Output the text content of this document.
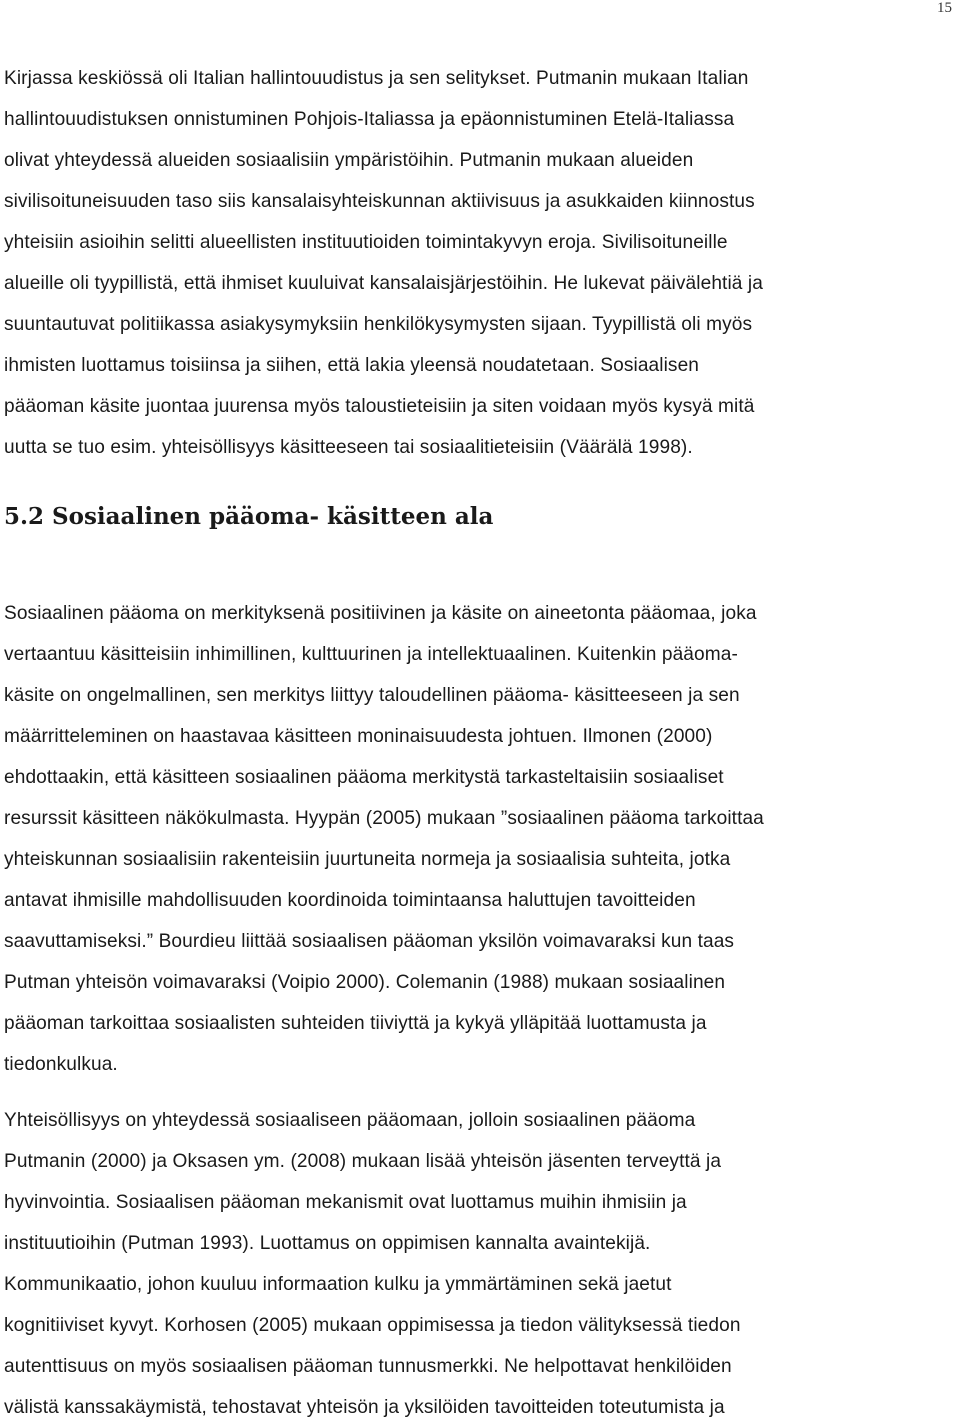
15

Kirjassa keskiössä oli Italian hallintouudistus ja sen selitykset. Putmanin mukaan Italian
hallintouudistuksen onnistuminen Pohjois-Italiassa ja epäonnistuminen Etelä-Italiassa
olivat yhteydessä alueiden sosiaalisiin ympäristöihin. Putmanin mukaan alueiden
sivilisoituneisuuden taso siis kansalaisyhteiskunnan aktiivisuus ja asukkaiden kiinnostus
yhteisiin asioihin selitti alueellisten instituutioiden toimintakyvyn eroja. Sivilisoituneille
alueille oli tyypillistä, että ihmiset kuuluivat kansalaisjärjestöihin. He lukevat päivälehtiä ja
suuntautuvat politiikassa asiakysymyksiin henkilökysymysten sijaan. Tyypillistä oli myös
ihmisten luottamus toisiinsa ja siihen, että lakia yleensä noudatetaan. Sosiaalisen
pääoman käsite juontaa juurensa myös taloustieteisiin ja siten voidaan myös kysyä mitä
uutta se tuo esim. yhteisöllisyys käsitteeseen tai sosiaalitieteisiin (Väärälä 1998).

5.2 Sosiaalinen pääoma- käsitteen ala

Sosiaalinen pääoma on merkityksenä positiivinen ja käsite on aineetonta pääomaa, joka
vertaantuu käsitteisiin inhimillinen, kulttuurinen ja intellektuaalinen. Kuitenkin pääoma-
käsite on ongelmallinen, sen merkitys liittyy taloudellinen pääoma- käsitteeseen ja sen
määrritteleminen on haastavaa käsitteen moninaisuudesta johtuen. Ilmonen (2000)
ehdottaakin, että käsitteen sosiaalinen pääoma merkitystä tarkasteltaisiin sosiaaliset
resurssit käsitteen näkökulmasta. Hyypän (2005) mukaan ”sosiaalinen pääoma tarkoittaa
yhteiskunnan sosiaalisiin rakenteisiin juurtuneita normeja ja sosiaalisia suhteita, jotka
antavat ihmisille mahdollisuuden koordinoida toimintaansa haluttujen tavoitteiden
saavuttamiseksi.” Bourdieu liittää sosiaalisen pääoman yksilön voimavaraksi kun taas
Putman yhteisön voimavaraksi (Voipio 2000). Colemanin (1988) mukaan sosiaalinen
pääoman tarkoittaa sosiaalisten suhteiden tiiviyttä ja kykyä ylläpitää luottamusta ja
tiedonkulkua.

Yhteisöllisyys on yhteydessä sosiaaliseen pääomaan, jolloin sosiaalinen pääoma
Putmanin (2000) ja Oksasen ym. (2008) mukaan lisää yhteisön jäsenten terveyttä ja
hyvinvointia. Sosiaalisen pääoman mekanismit ovat luottamus muihin ihmisiin ja
instituutioihin (Putman 1993). Luottamus on oppimisen kannalta avaintekijä.
Kommunikaatio, johon kuuluu informaation kulku ja ymmärtäminen sekä jaetut
kognitiiviset kyvyt. Korhosen (2005) mukaan oppimisessa ja tiedon välityksessä tiedon
autenttisuus on myös sosiaalisen pääoman tunnusmerkki. Ne helpottavat henkilöiden
välistä kanssakäymistä, tehostavat yhteisön ja yksilöiden tavoitteiden toteutumista ja
